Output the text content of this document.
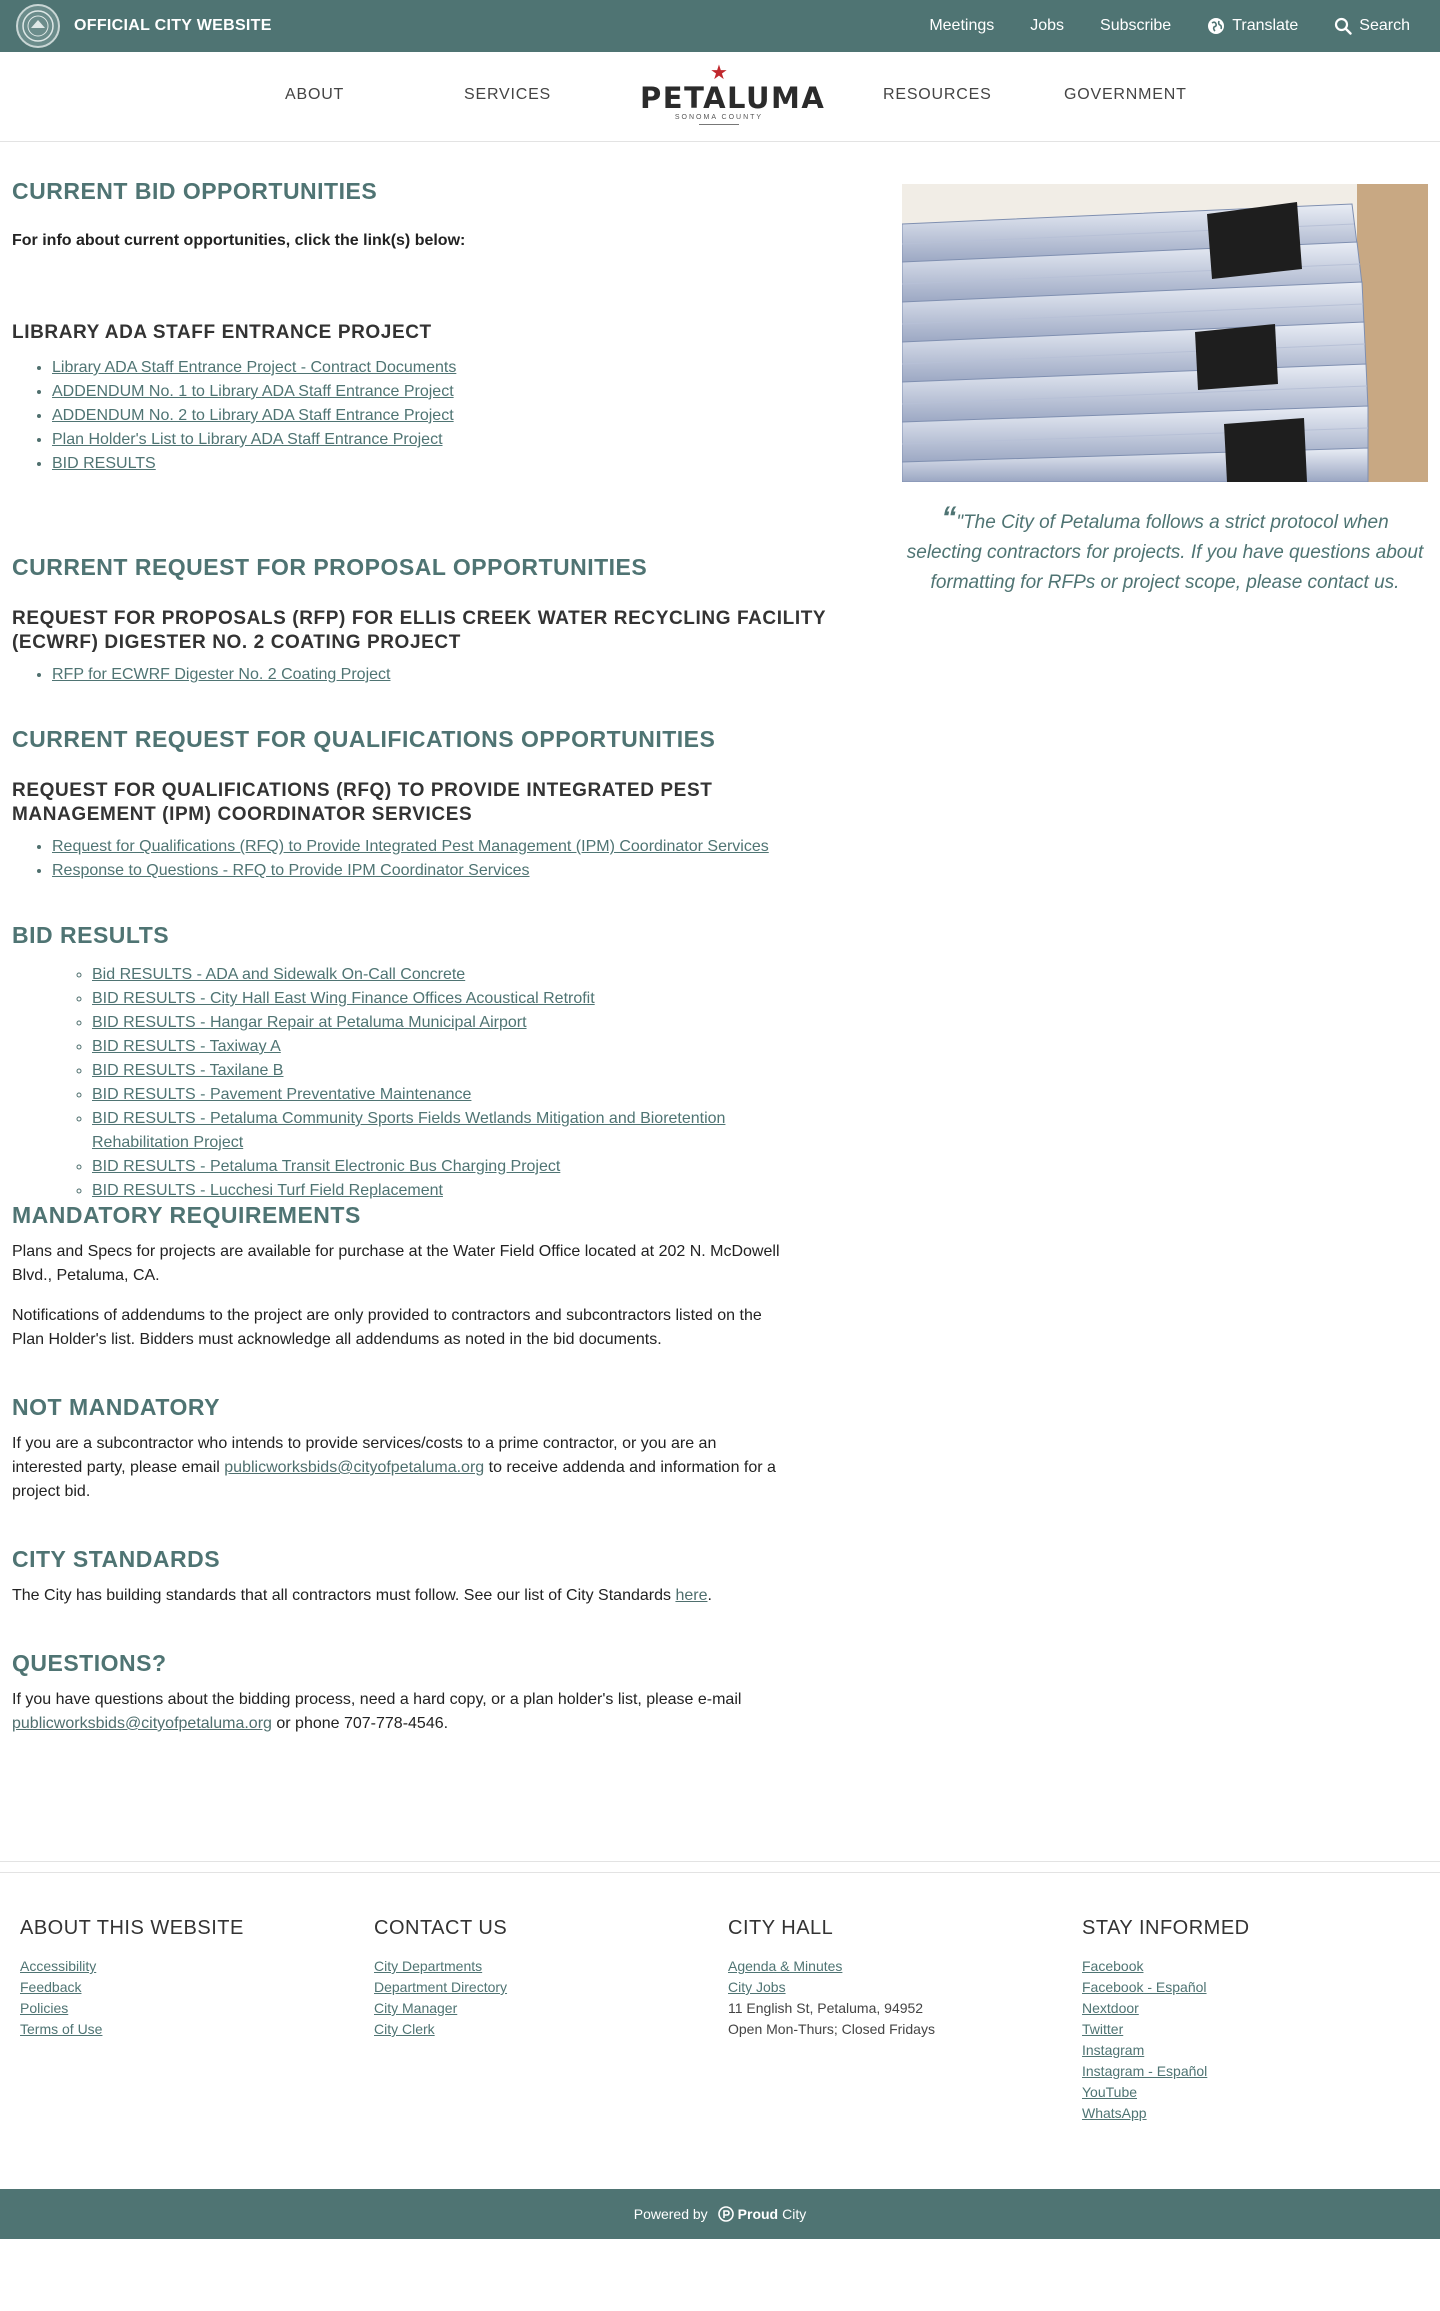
OFFICIAL CITY WEBSITE	Meetings Jobs Subscribe	Translate	Search
ABOUT	SERVICES
★
PETALUMA
SONOMA COUNTY
RESOURCES	GOVERNMENT
CURRENT BID OPPORTUNITIES

For info about current opportunities, click the link(s) below:

LIBRARY ADA STAFF ENTRANCE PROJECT
• Library ADA Staff Entrance Project - Contract Documents
• ADDENDUM No. 1 to Library ADA Staff Entrance Project
• ADDENDUM No. 2 to Library ADA Staff Entrance Project
• Plan Holder's List to Library ADA Staff Entrance Project
• BID RESULTS
CURRENT REQUEST FOR PROPOSAL OPPORTUNITIES
REQUEST FOR PROPOSALS (RFP) FOR ELLIS CREEK WATER RECYCLING FACILITY
(ECWRF) DIGESTER NO. 2 COATING PROJECT
• RFP for ECWRF Digester No. 2 Coating Project
CURRENT REQUEST FOR QUALIFICATIONS OPPORTUNITIES
REQUEST FOR QUALIFICATIONS (RFQ) TO PROVIDE INTEGRATED PEST
MANAGEMENT (IPM) COORDINATOR SERVICES
• Request for Qualifications (RFQ) to Provide Integrated Pest Management (IPM) Coordinator Services
• Response to Questions - RFQ to Provide IPM Coordinator Services
BID RESULTS
◦ Bid RESULTS - ADA and Sidewalk On-Call Concrete
◦ BID RESULTS - City Hall East Wing Finance Offices Acoustical Retrofit
◦ BID RESULTS - Hangar Repair at Petaluma Municipal Airport
◦ BID RESULTS - Taxiway A
◦ BID RESULTS - Taxilane B
◦ BID RESULTS - Pavement Preventative Maintenance
◦ BID RESULTS - Petaluma Community Sports Fields Wetlands Mitigation and Bioretention
Rehabilitation Project
◦ BID RESULTS - Petaluma Transit Electronic Bus Charging Project
◦ BID RESULTS - Lucchesi Turf Field Replacement
MANDATORY REQUIREMENTS

Plans and Specs for projects are available for purchase at the Water Field Office located at 202 N. McDowell

Blvd., Petaluma, CA.

Notifications of addendums to the project are only provided to contractors and subcontractors listed on the

Plan Holder's list. Bidders must acknowledge all addendums as noted in the bid documents.

NOT MANDATORY

If you are a subcontractor who intends to provide services/costs to a prime contractor, or you are an

interested party, please email publicworksbids@cityofpetaluma.org to receive addenda and information for a

project bid.

CITY STANDARDS

The City has building standards that all contractors must follow. See our list of City Standards here.

QUESTIONS?

If you have questions about the bidding process, need a hard copy, or a plan holder's list, please e-mail

publicworksbids@cityofpetaluma.org or phone 707-778-4546.

“"The City of Petaluma follows a strict protocol when selecting contractors for projects. If you have questions about formatting for RFPs or project scope, please contact us.
ABOUT THIS WEBSITE
Accessibility
Feedback
Policies
Terms of Use
CONTACT US
City Departments
Department Directory
City Manager
City Clerk
CITY HALL
Agenda & Minutes
City Jobs
11 English St, Petaluma, 94952
Open Mon-Thurs; Closed Fridays
STAY INFORMED
Facebook
Facebook - Español
Nextdoor
Twitter
Instagram
Instagram - Español
YouTube
WhatsApp
Powered by Proud City
